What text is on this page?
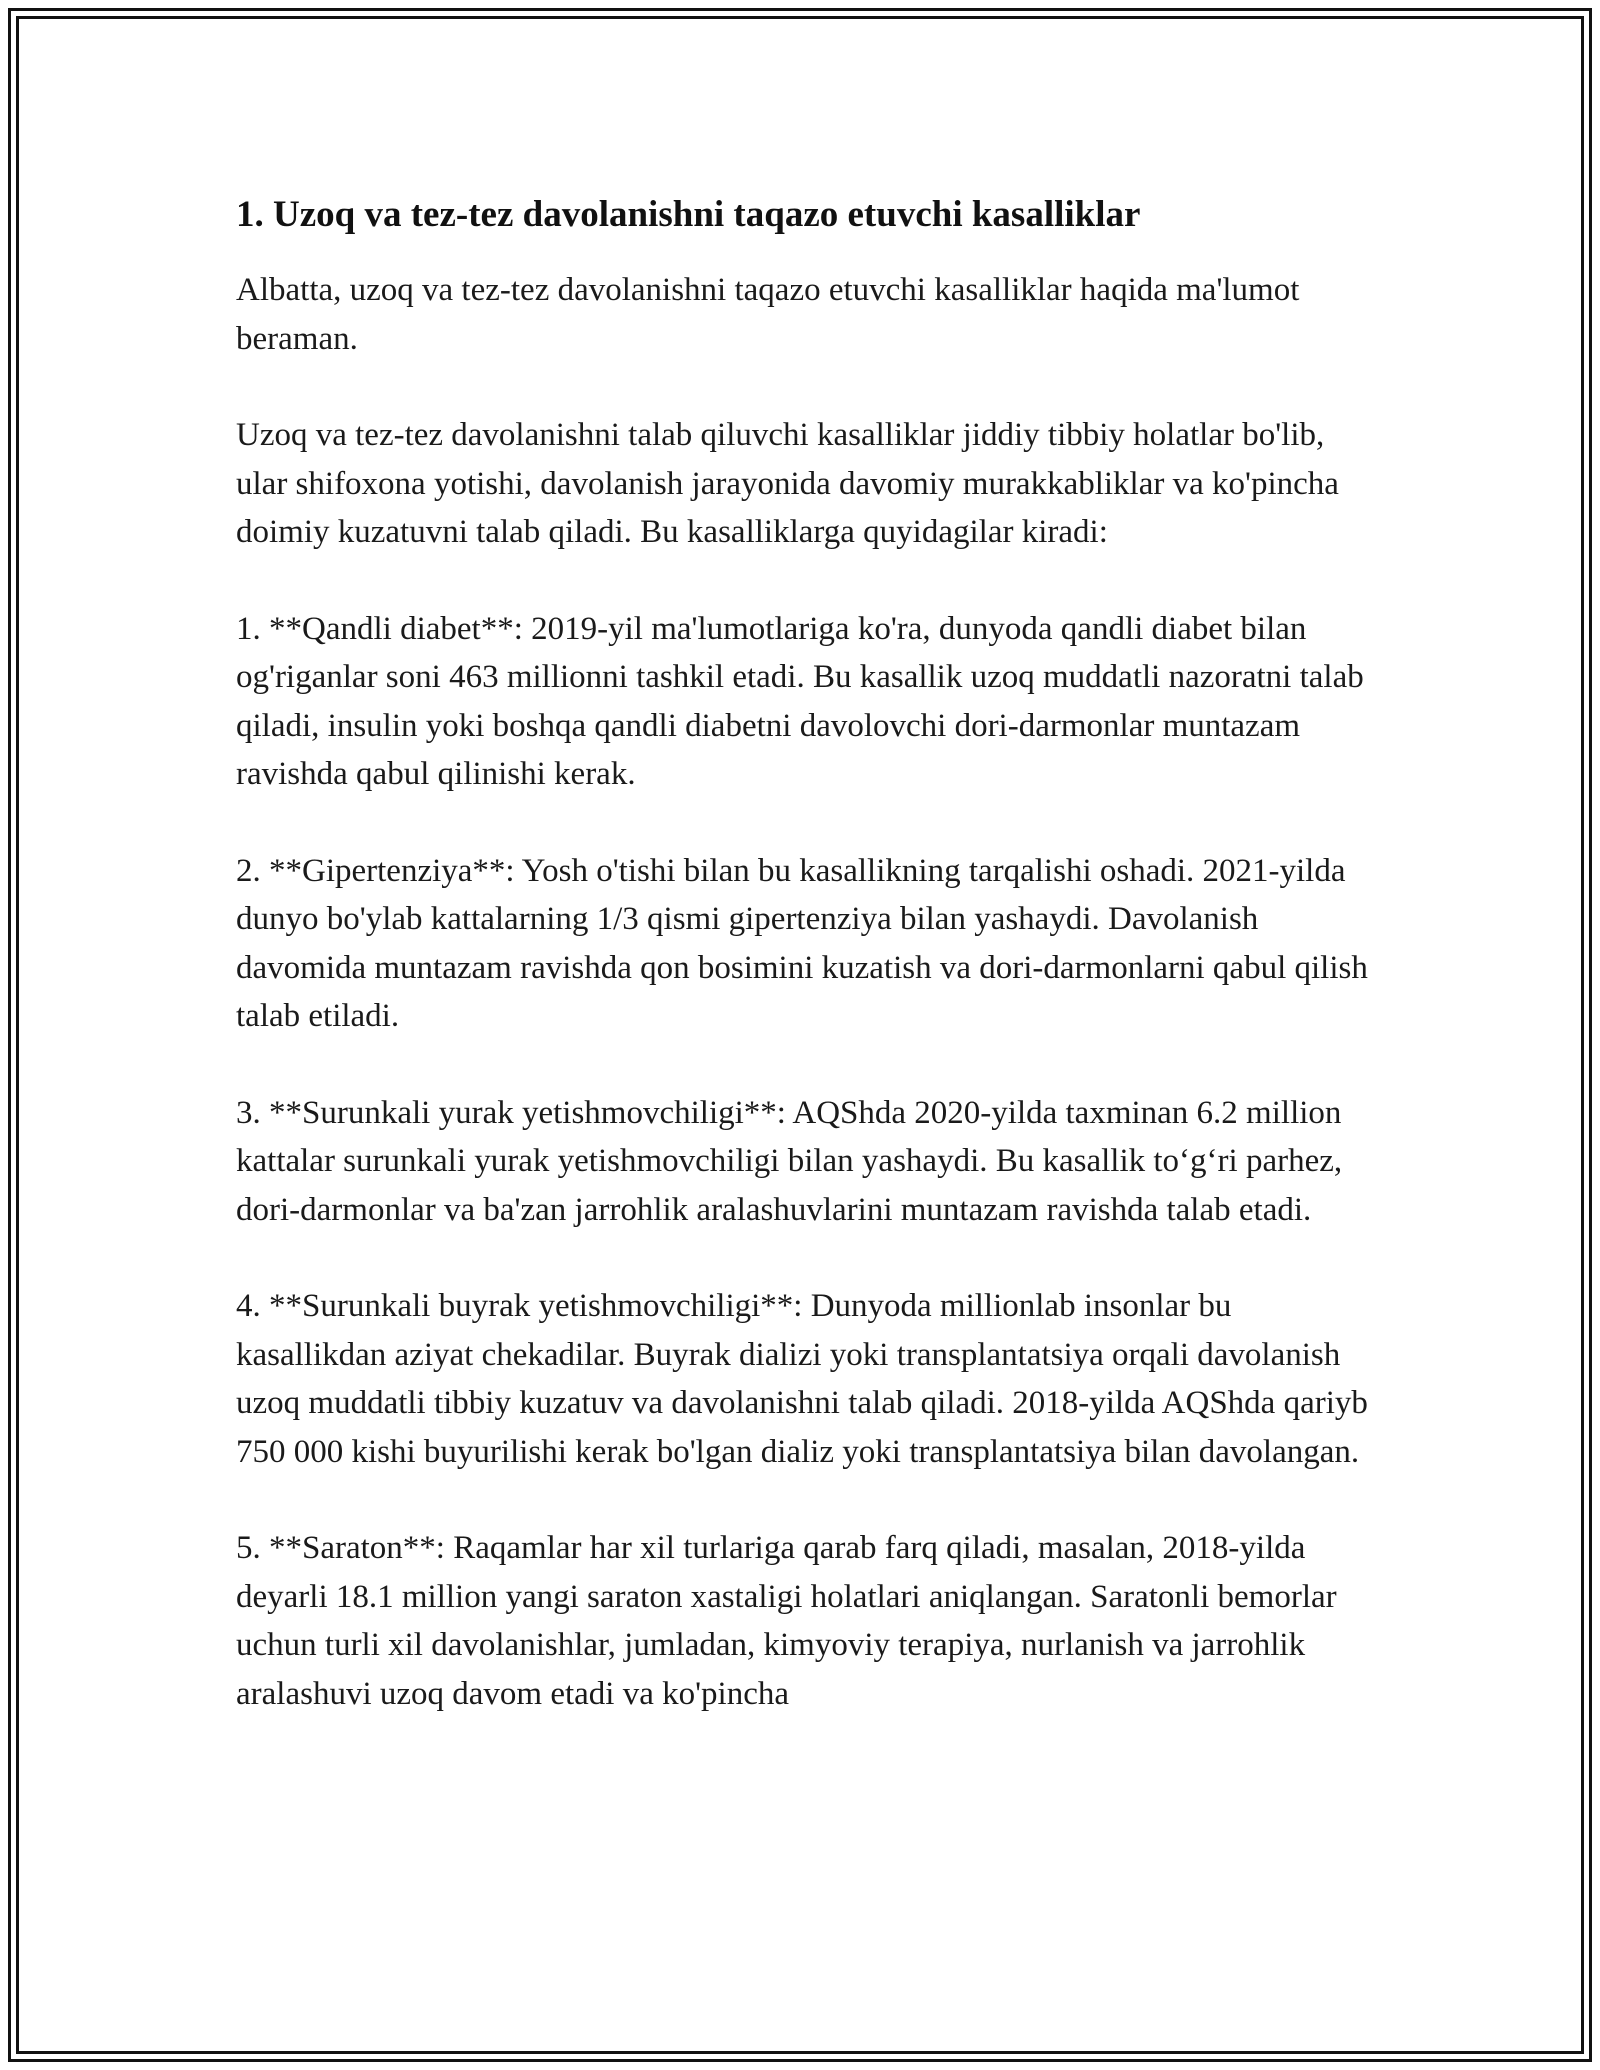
1. Uzoq va tez-tez davolanishni taqazo etuvchi kasalliklar

Albatta, uzoq va tez-tez davolanishni taqazo etuvchi kasalliklar haqida ma'lumot beraman.

Uzoq va tez-tez davolanishni talab qiluvchi kasalliklar jiddiy tibbiy holatlar bo'lib, ular shifoxona yotishi, davolanish jarayonida davomiy murakkabliklar va ko'pincha doimiy kuzatuvni talab qiladi. Bu kasalliklarga quyidagilar kiradi:

1. **Qandli diabet**: 2019-yil ma'lumotlariga ko'ra, dunyoda qandli diabet bilan og'riganlar soni 463 millionni tashkil etadi. Bu kasallik uzoq muddatli nazoratni talab qiladi, insulin yoki boshqa qandli diabetni davolovchi dori-darmonlar muntazam ravishda qabul qilinishi kerak.

2. **Gipertenziya**: Yosh o'tishi bilan bu kasallikning tarqalishi oshadi. 2021-yilda dunyo bo'ylab kattalarning 1/3 qismi gipertenziya bilan yashaydi. Davolanish davomida muntazam ravishda qon bosimini kuzatish va dori-darmonlarni qabul qilish talab etiladi.

3. **Surunkali yurak yetishmovchiligi**: AQShda 2020-yilda taxminan 6.2 million kattalar surunkali yurak yetishmovchiligi bilan yashaydi. Bu kasallik to‘g‘ri parhez, dori-darmonlar va ba'zan jarrohlik aralashuvlarini muntazam ravishda talab etadi.

4. **Surunkali buyrak yetishmovchiligi**: Dunyoda millionlab insonlar bu kasallikdan aziyat chekadilar. Buyrak dializi yoki transplantatsiya orqali davolanish uzoq muddatli tibbiy kuzatuv va davolanishni talab qiladi. 2018-yilda AQShda qariyb 750 000 kishi buyurilishi kerak bo'lgan dializ yoki transplantatsiya bilan davolangan.

5. **Saraton**: Raqamlar har xil turlariga qarab farq qiladi, masalan, 2018-yilda deyarli 18.1 million yangi saraton xastaligi holatlari aniqlangan. Saratonli bemorlar uchun turli xil davolanishlar, jumladan, kimyoviy terapiya, nurlanish va jarrohlik aralashuvi uzoq davom etadi va ko'pincha
